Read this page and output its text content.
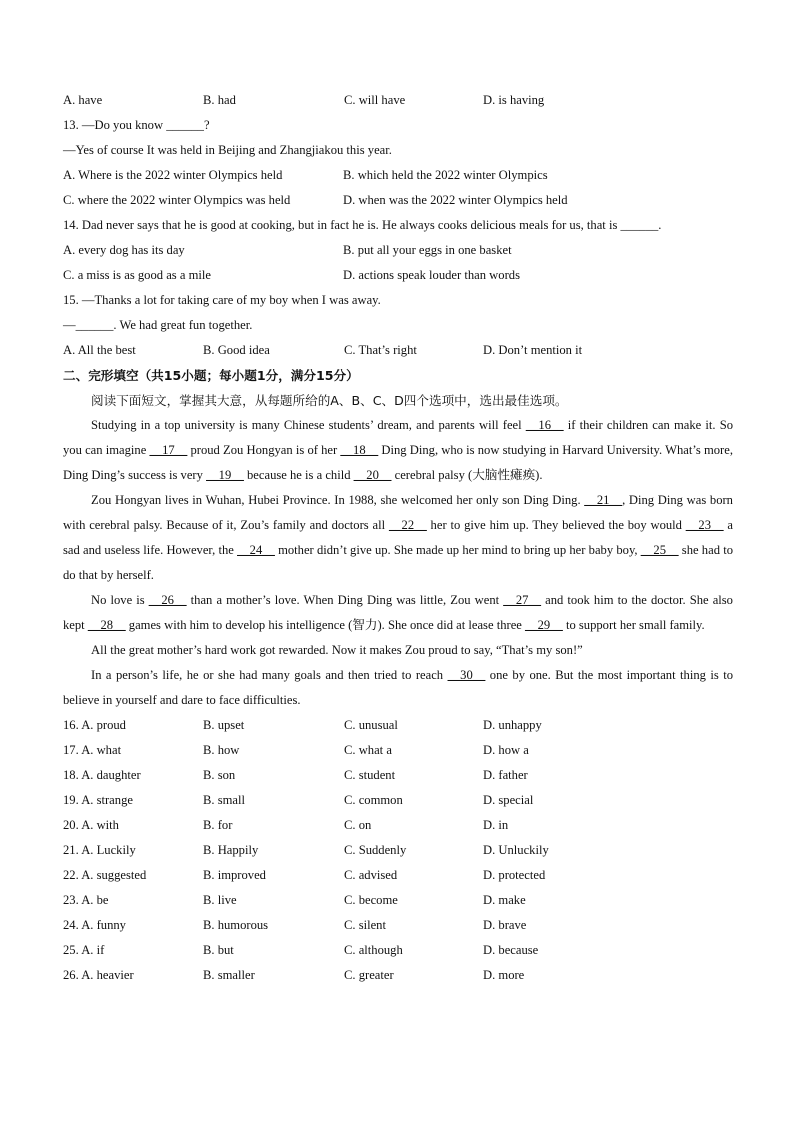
A. have	B. had	C. will have	D. is having
13. —Do you know ______?
—Yes of course It was held in Beijing and Zhangjiakou this year.
A. Where is the 2022 winter Olympics held	B. which held the 2022 winter Olympics
C. where the 2022 winter Olympics was held	D. when was the 2022 winter Olympics held
14. Dad never says that he is good at cooking, but in fact he is. He always cooks delicious meals for us, that is ______.
A. every dog has its day	B. put all your eggs in one basket
C. a miss is as good as a mile	D. actions speak louder than words
15. —Thanks a lot for taking care of my boy when I was away.
—______. We had great fun together.
A. All the best	B. Good idea	C. That’s right	D. Don’t mention it
二、完形填空（共15小题；每小题1分，满分15分）
阅读下面短文，掌握其大意，从每题所给的A、B、C、D四个选项中，选出最佳选项。

Studying in a top university is many Chinese students’ dream, and parents will feel __16__ if their children can make it. So you can imagine __17__ proud Zou Hongyan is of her __18__ Ding Ding, who is now studying in Harvard University. What’s more, Ding Ding’s success is very __19__ because he is a child __20__ cerebral palsy (大脑性瘫痪).

Zou Hongyan lives in Wuhan, Hubei Province. In 1988, she welcomed her only son Ding Ding. __21__, Ding Ding was born with cerebral palsy. Because of it, Zou’s family and doctors all __22__ her to give him up. They believed the boy would __23__ a sad and useless life. However, the __24__ mother didn’t give up. She made up her mind to bring up her baby boy, __25__ she had to do that by herself.

No love is __26__ than a mother’s love. When Ding Ding was little, Zou went __27__ and took him to the doctor. She also kept __28__ games with him to develop his intelligence (智力). She once did at lease three __29__ to support her small family.

All the great mother’s hard work got rewarded. Now it makes Zou proud to say, “That’s my son!”

In a person’s life, he or she had many goals and then tried to reach __30__ one by one. But the most important thing is to believe in yourself and dare to face difficulties.

16. A. proud	B. upset	C. unusual	D. unhappy
17. A. what	B. how	C. what a	D. how a
18. A. daughter	B. son	C. student	D. father
19. A. strange	B. small	C. common	D. special
20. A. with	B. for	C. on	D. in
21. A. Luckily	B. Happily	C. Suddenly	D. Unluckily
22. A. suggested	B. improved	C. advised	D. protected
23. A. be	B. live	C. become	D. make
24. A. funny	B. humorous	C. silent	D. brave
25. A. if	B. but	C. although	D. because
26. A. heavier	B. smaller	C. greater	D. more
